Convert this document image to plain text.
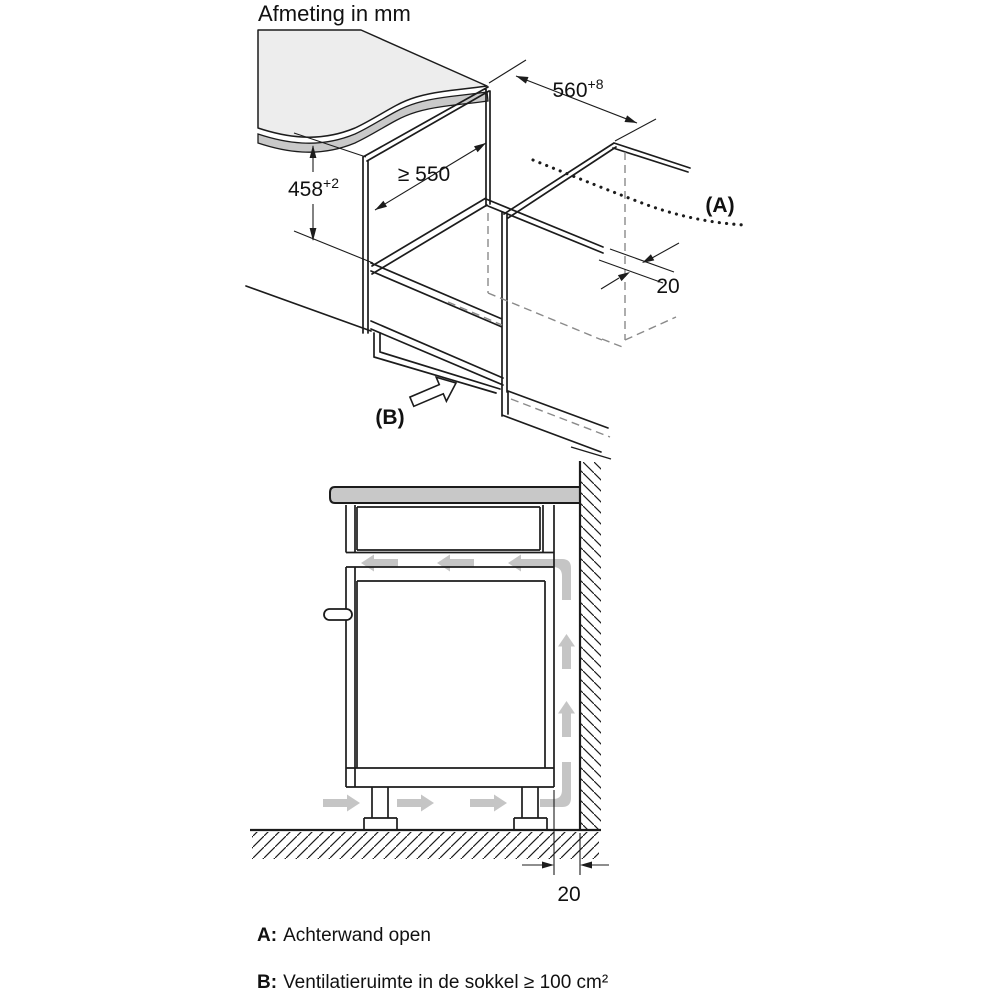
Afmeting in mm
$458^{+2}$	≥ 550
$560^{+8}$
20
(A)
(B)
20
A: Achterwand open
B: Ventilatieruimte in de sokkel ≥ 100 cm²
